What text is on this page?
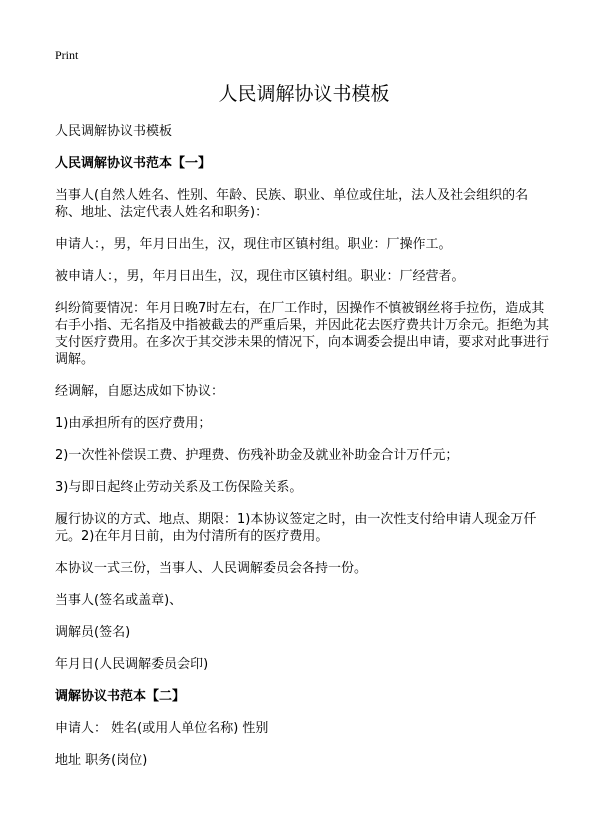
Print
人民调解协议书模板

人民调解协议书模板

人民调解协议书范本【一】

当事人(自然人姓名、性别、年龄、民族、职业、单位或住址，法人及社会组织的名称、地址、法定代表人姓名和职务)：

申请人：，男，年月日出生，汉，现住市区镇村组。职业：厂操作工。

被申请人：，男，年月日出生，汉，现住市区镇村组。职业：厂经营者。

纠纷简要情况：年月日晚7时左右，在厂工作时，因操作不慎被钢丝将手拉伤，造成其右手小指、无名指及中指被截去的严重后果，并因此花去医疗费共计万余元。拒绝为其支付医疗费用。在多次于其交涉未果的情况下，向本调委会提出申请，要求对此事进行调解。

经调解，自愿达成如下协议：

1)由承担所有的医疗费用；

2)一次性补偿误工费、护理费、伤残补助金及就业补助金合计万仟元；

3)与即日起终止劳动关系及工伤保险关系。

履行协议的方式、地点、期限：1)本协议签定之时，由一次性支付给申请人现金万仟元。2)在年月日前，由为付清所有的医疗费用。

本协议一式三份，当事人、人民调解委员会各持一份。

当事人(签名或盖章)、

调解员(签名)

年月日(人民调解委员会印)

调解协议书范本【二】

申请人： 姓名(或用人单位名称) 性别

地址 职务(岗位)
